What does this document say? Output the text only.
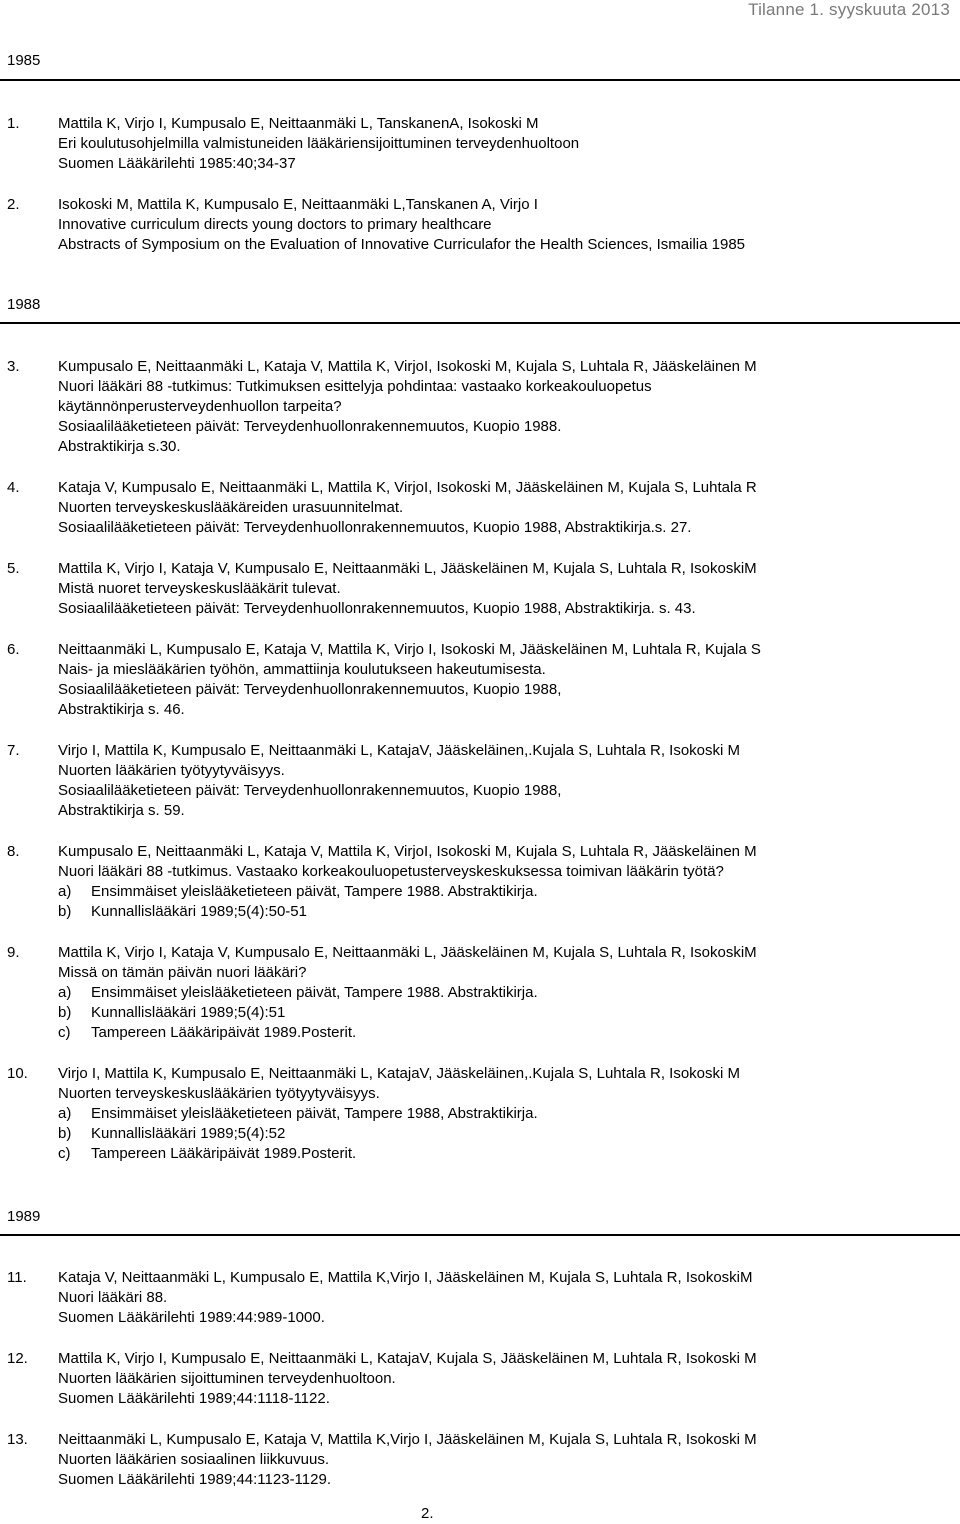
Tilanne 1. syyskuuta 2013
1985
1.	Mattila K, Virjo I, Kumpusalo E, Neittaanmäki L, TanskanenA, Isokoski M
Eri koulutusohjelmilla valmistuneiden lääkäriensijoittuminen terveydenhuoltoon
Suomen Lääkärilehti 1985:40;34-37
2.	Isokoski M, Mattila K, Kumpusalo E, Neittaanmäki L,Tanskanen A, Virjo I
Innovative curriculum directs young doctors to primary healthcare
Abstracts of Symposium on the Evaluation of Innovative Curriculafor the Health Sciences, Ismailia 1985
1988
3.	Kumpusalo E, Neittaanmäki L, Kataja V, Mattila K, VirjoI, Isokoski M, Kujala S, Luhtala R, Jääskeläinen M
Nuori lääkäri 88 -tutkimus: Tutkimuksen esittelyja pohdintaa: vastaako korkeakouluopetus
käytännönperusterveydenhuollon tarpeita?
Sosiaalilääketieteen päivät: Terveydenhuollonrakennemuutos, Kuopio 1988.
Abstraktikirja s.30.
4.	Kataja V, Kumpusalo E, Neittaanmäki L, Mattila K, VirjoI, Isokoski M, Jääskeläinen M, Kujala S, Luhtala R
Nuorten terveyskeskuslääkäreiden urasuunnitelmat.
Sosiaalilääketieteen päivät: Terveydenhuollonrakennemuutos, Kuopio 1988, Abstraktikirja.s. 27.
5.	Mattila K, Virjo I, Kataja V, Kumpusalo E, Neittaanmäki L, Jääskeläinen M, Kujala S, Luhtala R, IsokoskiM
Mistä nuoret terveyskeskuslääkärit tulevat.
Sosiaalilääketieteen päivät: Terveydenhuollonrakennemuutos, Kuopio 1988, Abstraktikirja. s. 43.
6.	Neittaanmäki L, Kumpusalo E, Kataja V, Mattila K, Virjo I, Isokoski M, Jääskeläinen M, Luhtala R, Kujala S
Nais- ja mieslääkärien työhön, ammattiinja koulutukseen hakeutumisesta.
Sosiaalilääketieteen päivät: Terveydenhuollonrakennemuutos, Kuopio 1988,
Abstraktikirja s. 46.
7.	Virjo I, Mattila K, Kumpusalo E, Neittaanmäki L, KatajaV, Jääskeläinen,.Kujala S, Luhtala R, Isokoski M
Nuorten lääkärien työtyytyväisyys.
Sosiaalilääketieteen päivät: Terveydenhuollonrakennemuutos, Kuopio 1988,
Abstraktikirja s. 59.
8.	Kumpusalo E, Neittaanmäki L, Kataja V, Mattila K, VirjoI, Isokoski M, Kujala S, Luhtala R, Jääskeläinen M
Nuori lääkäri 88 -tutkimus. Vastaako korkeakouluopetusterveyskeskuksessa toimivan lääkärin työtä?
a) Ensimmäiset yleislääketieteen päivät, Tampere 1988. Abstraktikirja.
b) Kunnallislääkäri 1989;5(4):50-51
9.	Mattila K, Virjo I, Kataja V, Kumpusalo E, Neittaanmäki L, Jääskeläinen M, Kujala S, Luhtala R, IsokoskiM
Missä on tämän päivän nuori lääkäri?
a) Ensimmäiset yleislääketieteen päivät, Tampere 1988. Abstraktikirja.
b) Kunnallislääkäri 1989;5(4):51
c) Tampereen Lääkäripäivät 1989.Posterit.
10. Virjo I, Mattila K, Kumpusalo E, Neittaanmäki L, KatajaV, Jääskeläinen,.Kujala S, Luhtala R, Isokoski M
Nuorten terveyskeskuslääkärien työtyytyväisyys.
a) Ensimmäiset yleislääketieteen päivät, Tampere 1988, Abstraktikirja.
b) Kunnallislääkäri 1989;5(4):52
c) Tampereen Lääkäripäivät 1989.Posterit.
1989
11. Kataja V, Neittaanmäki L, Kumpusalo E, Mattila K,Virjo I, Jääskeläinen M, Kujala S, Luhtala R, IsokoskiM
Nuori lääkäri 88.
Suomen Lääkärilehti 1989:44:989-1000.
12. Mattila K, Virjo I, Kumpusalo E, Neittaanmäki L, KatajaV, Kujala S, Jääskeläinen M, Luhtala R, Isokoski M
Nuorten lääkärien sijoittuminen terveydenhuoltoon.
Suomen Lääkärilehti 1989;44:1118-1122.
13. Neittaanmäki L, Kumpusalo E, Kataja V, Mattila K,Virjo I, Jääskeläinen M, Kujala S, Luhtala R, Isokoski M
Nuorten lääkärien sosiaalinen liikkuvuus.
Suomen Lääkärilehti 1989;44:1123-1129.
2.
